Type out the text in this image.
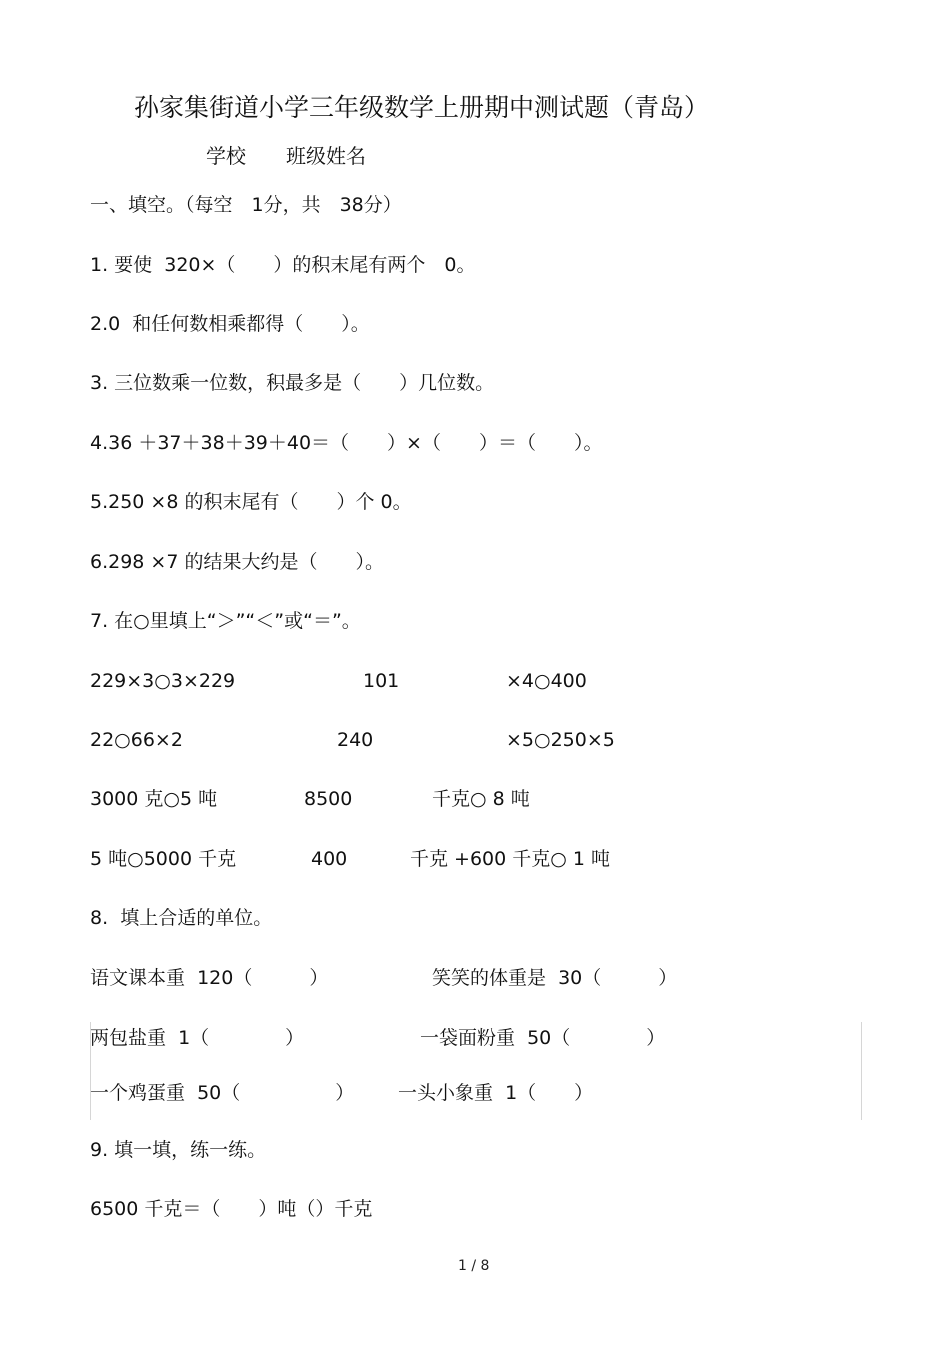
孙家集街道小学三年级数学上册期中测试题（青岛）
学校　　班级姓名
一、填空。（每空　1分，共　38分）
1. 要使  320×（　　）的积末尾有两个　0。
2.0  和任何数相乘都得（　　）。
3. 三位数乘一位数，积最多是（　　）几位数。
4.36 ＋37＋38＋39＋40＝（　　）×（　　）＝（　　）。
5.250 ×8 的积末尾有（　　）个 0。
6.298 ×7 的结果大约是（　　）。
7. 在○里填上“＞”“＜”或“＝”。
229×3○3×229	101	×4○400
22○66×2	240	×5○250×5
3000 克○5 吨	8500	千克○ 8 吨
5 吨○5000 千克	400	千克 +600 千克○ 1 吨
8.  填上合适的单位。
语文课本重  120（　　　）	笑笑的体重是  30（　　　）
两包盐重  1（　　　　）	一袋面粉重  50（　　　　）
一个鸡蛋重  50（　　　　　） 一头小象重  1（　　）
9. 填一填，练一练。
6500 千克＝（　　）吨（）千克
1 / 8
